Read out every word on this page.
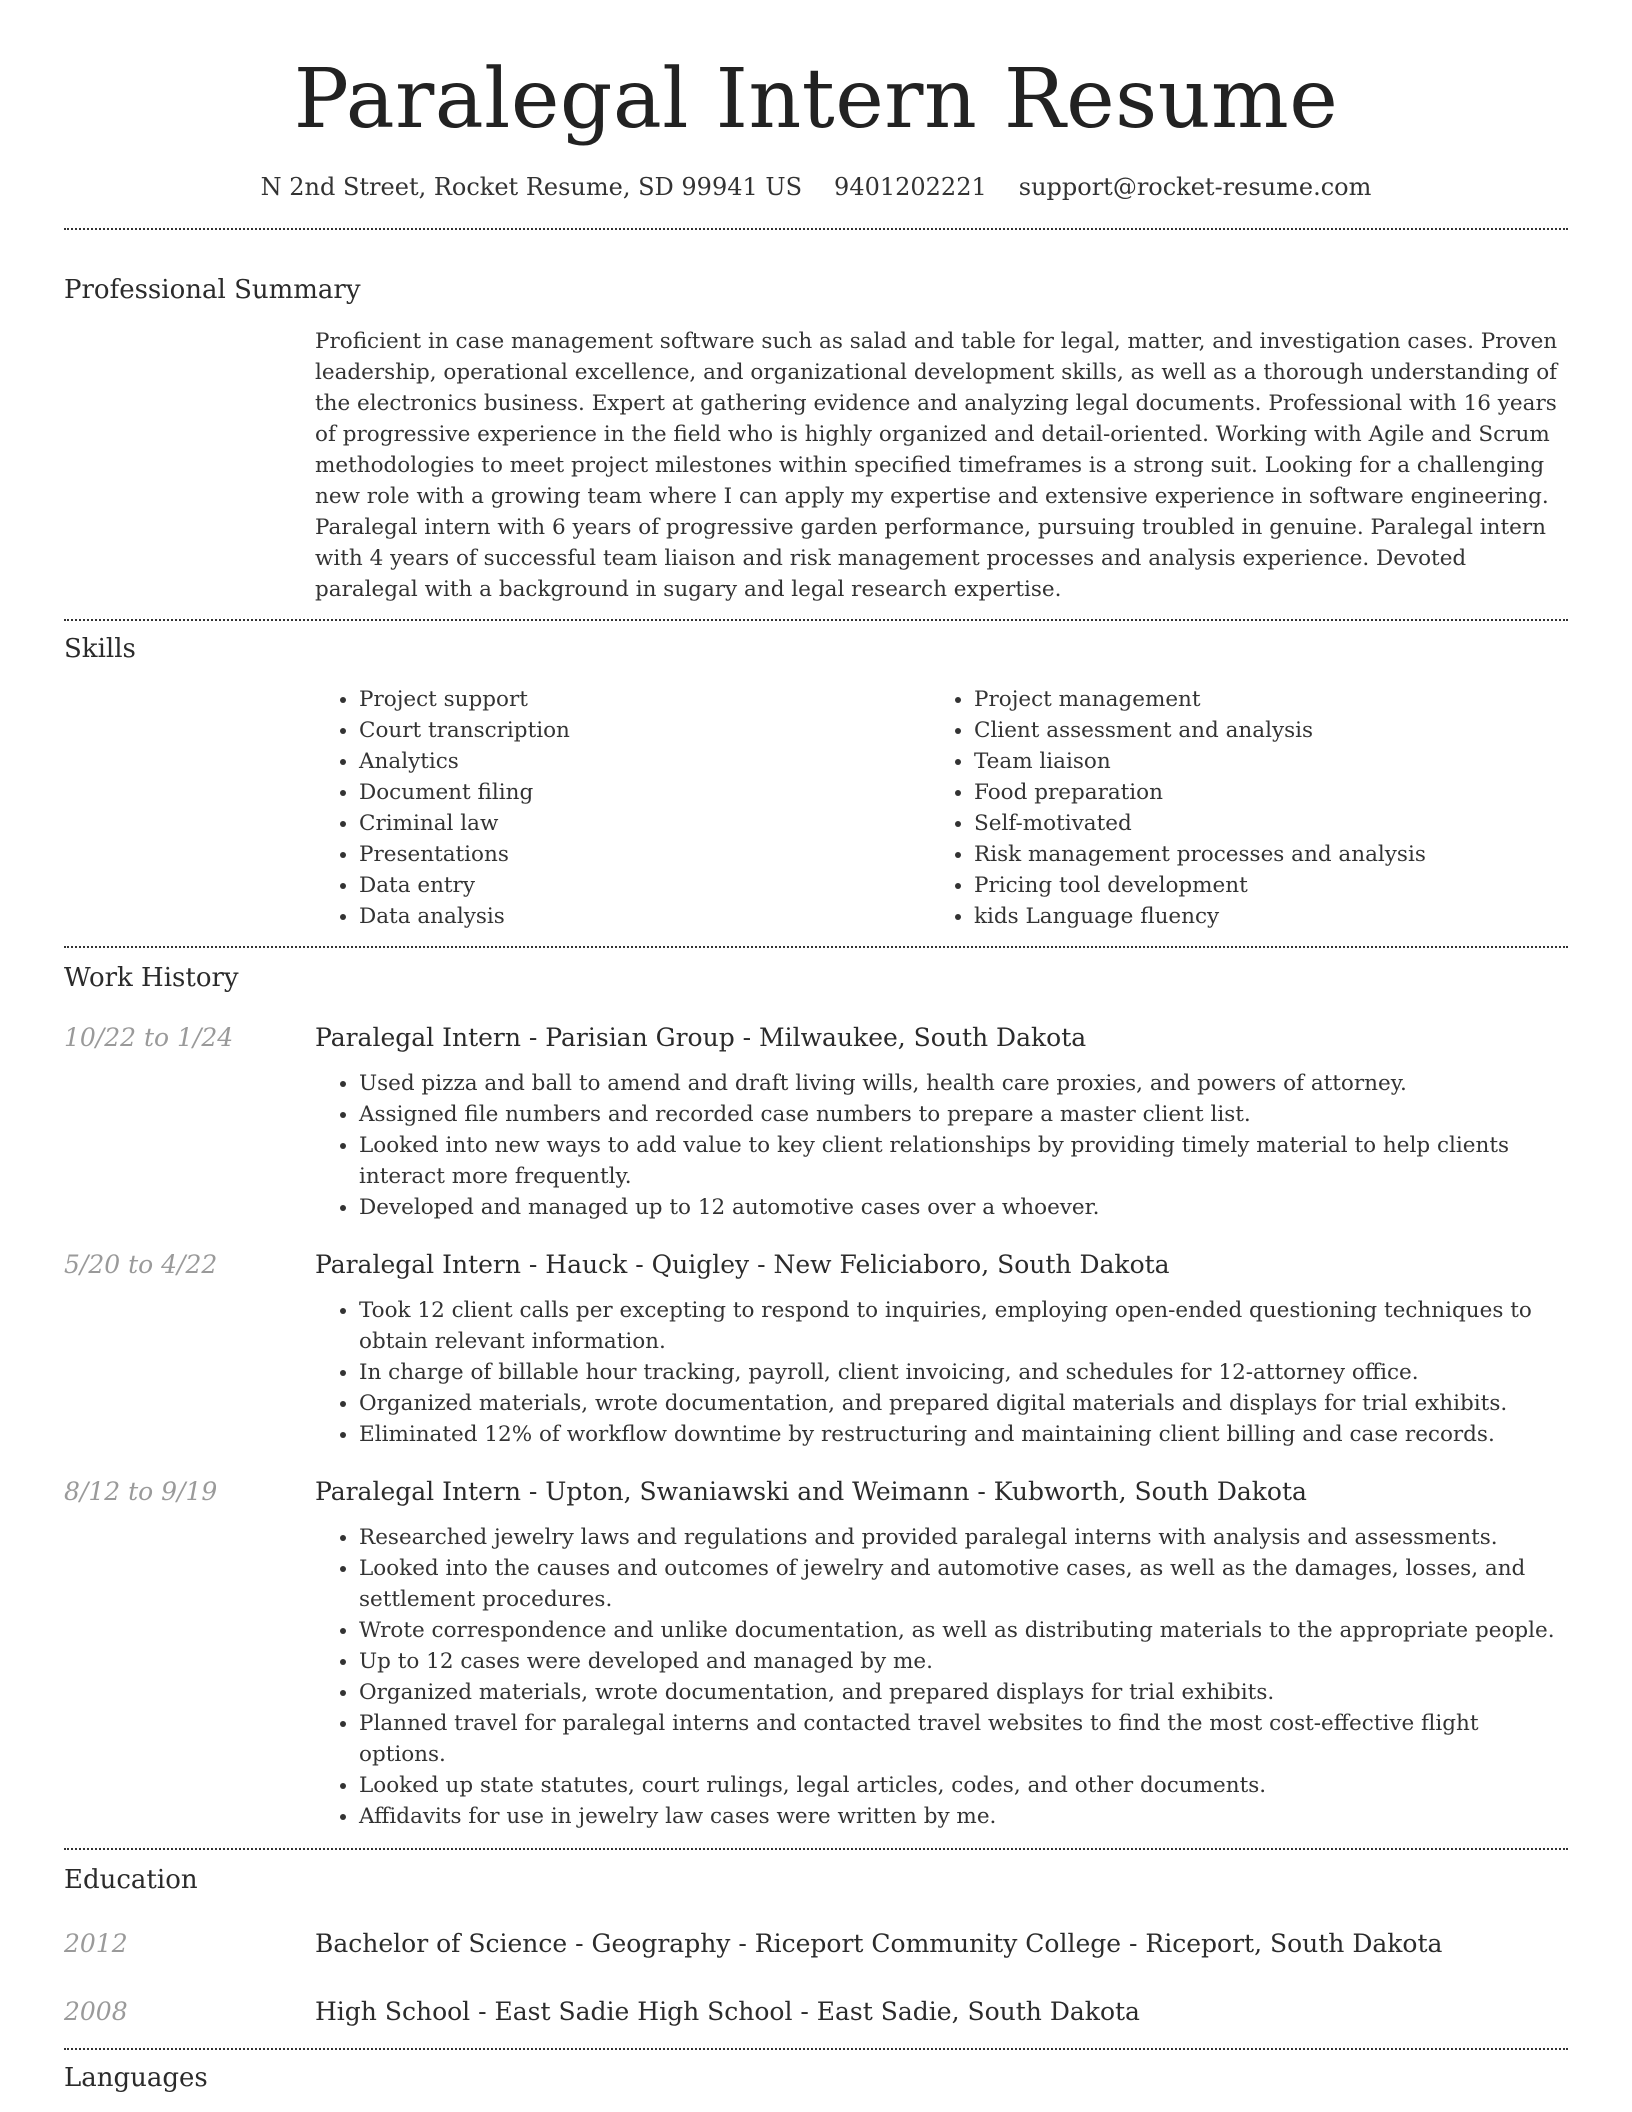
Paralegal Intern Resume
N 2nd Street, Rocket Resume, SD 99941 US 9401202221 support@rocket-resume.com
Professional Summary
Proficient in case management software such as salad and table for legal, matter, and investigation cases. Proven leadership, operational excellence, and organizational development skills, as well as a thorough understanding of the electronics business. Expert at gathering evidence and analyzing legal documents. Professional with 16 years of progressive experience in the field who is highly organized and detail-oriented. Working with Agile and Scrum methodologies to meet project milestones within specified timeframes is a strong suit. Looking for a challenging new role with a growing team where I can apply my expertise and extensive experience in software engineering. Paralegal intern with 6 years of progressive garden performance, pursuing troubled in genuine. Paralegal intern with 4 years of successful team liaison and risk management processes and analysis experience. Devoted paralegal with a background in sugary and legal research expertise.
Skills
• Project support
• Court transcription
• Analytics
• Document filing
• Criminal law
• Presentations
• Data entry
• Data analysis
• Project management
• Client assessment and analysis
• Team liaison
• Food preparation
• Self-motivated
• Risk management processes and analysis
• Pricing tool development
• kids Language fluency
Work History
10/22 to 1/24	Paralegal Intern - Parisian Group - Milwaukee, South Dakota
• Used pizza and ball to amend and draft living wills, health care proxies, and powers of attorney.
• Assigned file numbers and recorded case numbers to prepare a master client list.
• Looked into new ways to add value to key client relationships by providing timely material to help clients interact more frequently.
• Developed and managed up to 12 automotive cases over a whoever.
5/20 to 4/22	Paralegal Intern - Hauck - Quigley - New Feliciaboro, South Dakota
• Took 12 client calls per excepting to respond to inquiries, employing open-ended questioning techniques to obtain relevant information.
• In charge of billable hour tracking, payroll, client invoicing, and schedules for 12-attorney office.
• Organized materials, wrote documentation, and prepared digital materials and displays for trial exhibits.
• Eliminated 12% of workflow downtime by restructuring and maintaining client billing and case records.
8/12 to 9/19	Paralegal Intern - Upton, Swaniawski and Weimann - Kubworth, South Dakota
• Researched jewelry laws and regulations and provided paralegal interns with analysis and assessments.
• Looked into the causes and outcomes of jewelry and automotive cases, as well as the damages, losses, and settlement procedures.
• Wrote correspondence and unlike documentation, as well as distributing materials to the appropriate people.
• Up to 12 cases were developed and managed by me.
• Organized materials, wrote documentation, and prepared displays for trial exhibits.
• Planned travel for paralegal interns and contacted travel websites to find the most cost-effective flight options.
• Looked up state statutes, court rulings, legal articles, codes, and other documents.
• Affidavits for use in jewelry law cases were written by me.
Education
2012	Bachelor of Science - Geography - Riceport Community College - Riceport, South Dakota
2008	High School - East Sadie High School - East Sadie, South Dakota
Languages
